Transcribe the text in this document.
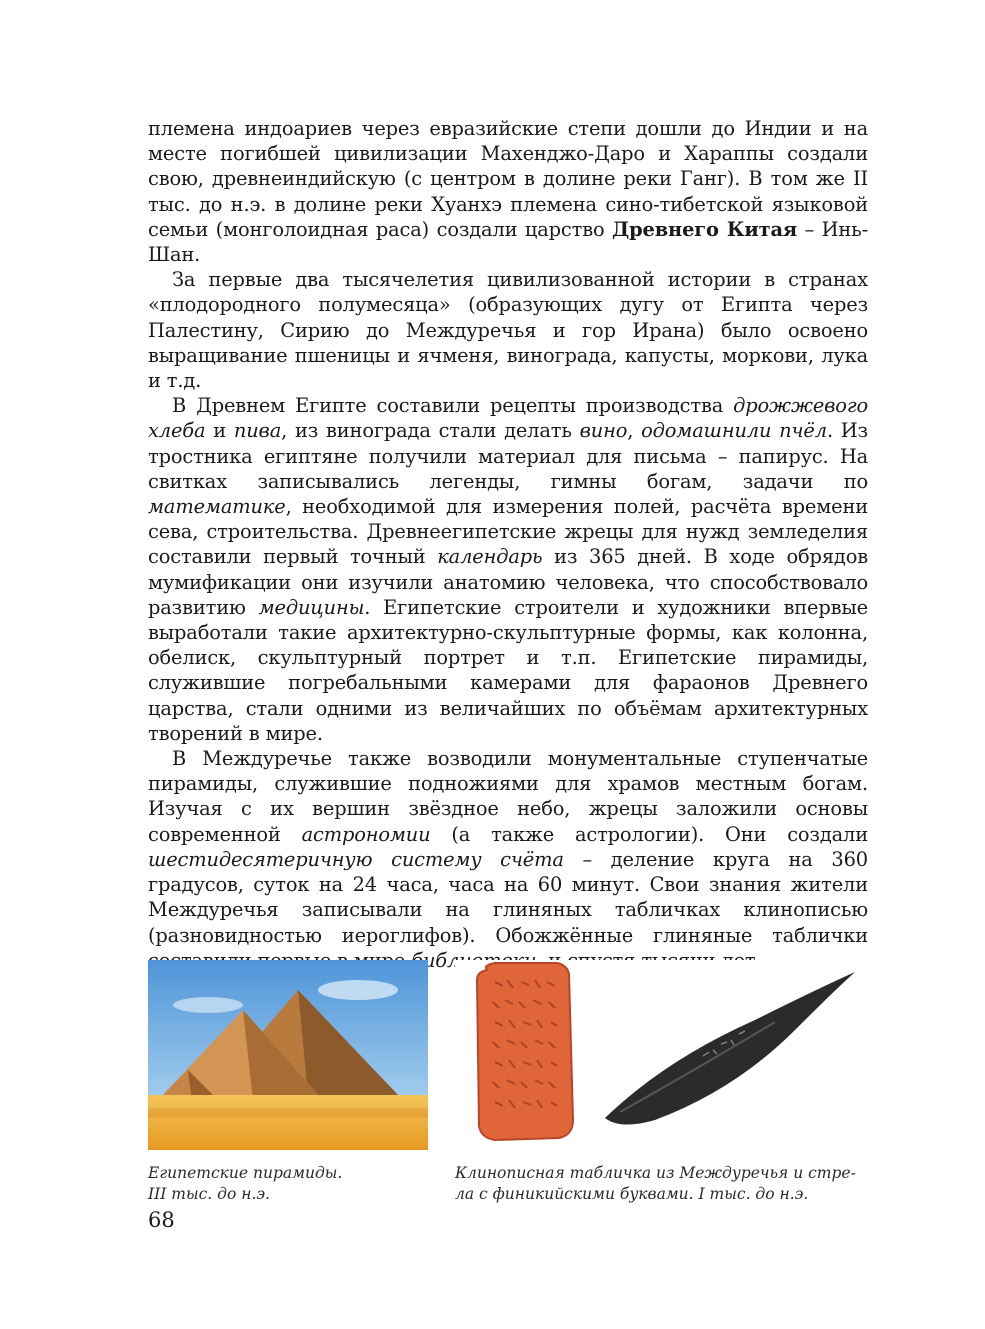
племена индоариев через евразийские степи дошли до Индии и на месте погибшей цивилизации Махенджо-Даро и Хараппы создали свою, древнеиндийскую (с центром в долине реки Ганг). В том же II тыс. до н.э. в долине реки Хуанхэ племена сино-тибетской языковой семьи (монголоидная раса) создали царство Древнего Китая – Инь-Шан.

За первые два тысячелетия цивилизованной истории в странах «плодородного полумесяца» (образующих дугу от Египта через Палестину, Сирию до Междуречья и гор Ирана) было освоено выращивание пшеницы и ячменя, винограда, капусты, моркови, лука и т.д.

В Древнем Египте составили рецепты производства дрожжевого хлеба и пива, из винограда стали делать вино, одомашнили пчёл. Из тростника египтяне получили материал для письма – папирус. На свитках записывались легенды, гимны богам, задачи по математике, необходимой для измерения полей, расчёта времени сева, строительства. Древнеегипетские жрецы для нужд земледелия составили первый точный календарь из 365 дней. В ходе обрядов мумификации они изучили анатомию человека, что способствовало развитию медицины. Египетские строители и художники впервые выработали такие архитектурно-скульптурные формы, как колонна, обелиск, скульптурный портрет и т.п. Египетские пирамиды, служившие погребальными камерами для фараонов Древнего царства, стали одними из величайших по объёмам архитектурных творений в мире.

В Междуречье также возводили монументальные ступенчатые пирамиды, служившие подножиями для храмов местным богам. Изучая с их вершин звёздное небо, жрецы заложили основы современной астрономии (а также астрологии). Они создали шестидесятеричную систему счёта – деление круга на 360 градусов, суток на 24 часа, часа на 60 минут. Свои знания жители Междуречья записывали на глиняных табличках клинописью (разновидностью иероглифов). Обожжённые глиняные таблички

Египетские пирамиды.
III тыс. до н.э.
Клинописная табличка из Междуречья и стре-
ла с финикийскими буквами. I тыс. до н.э.
68
